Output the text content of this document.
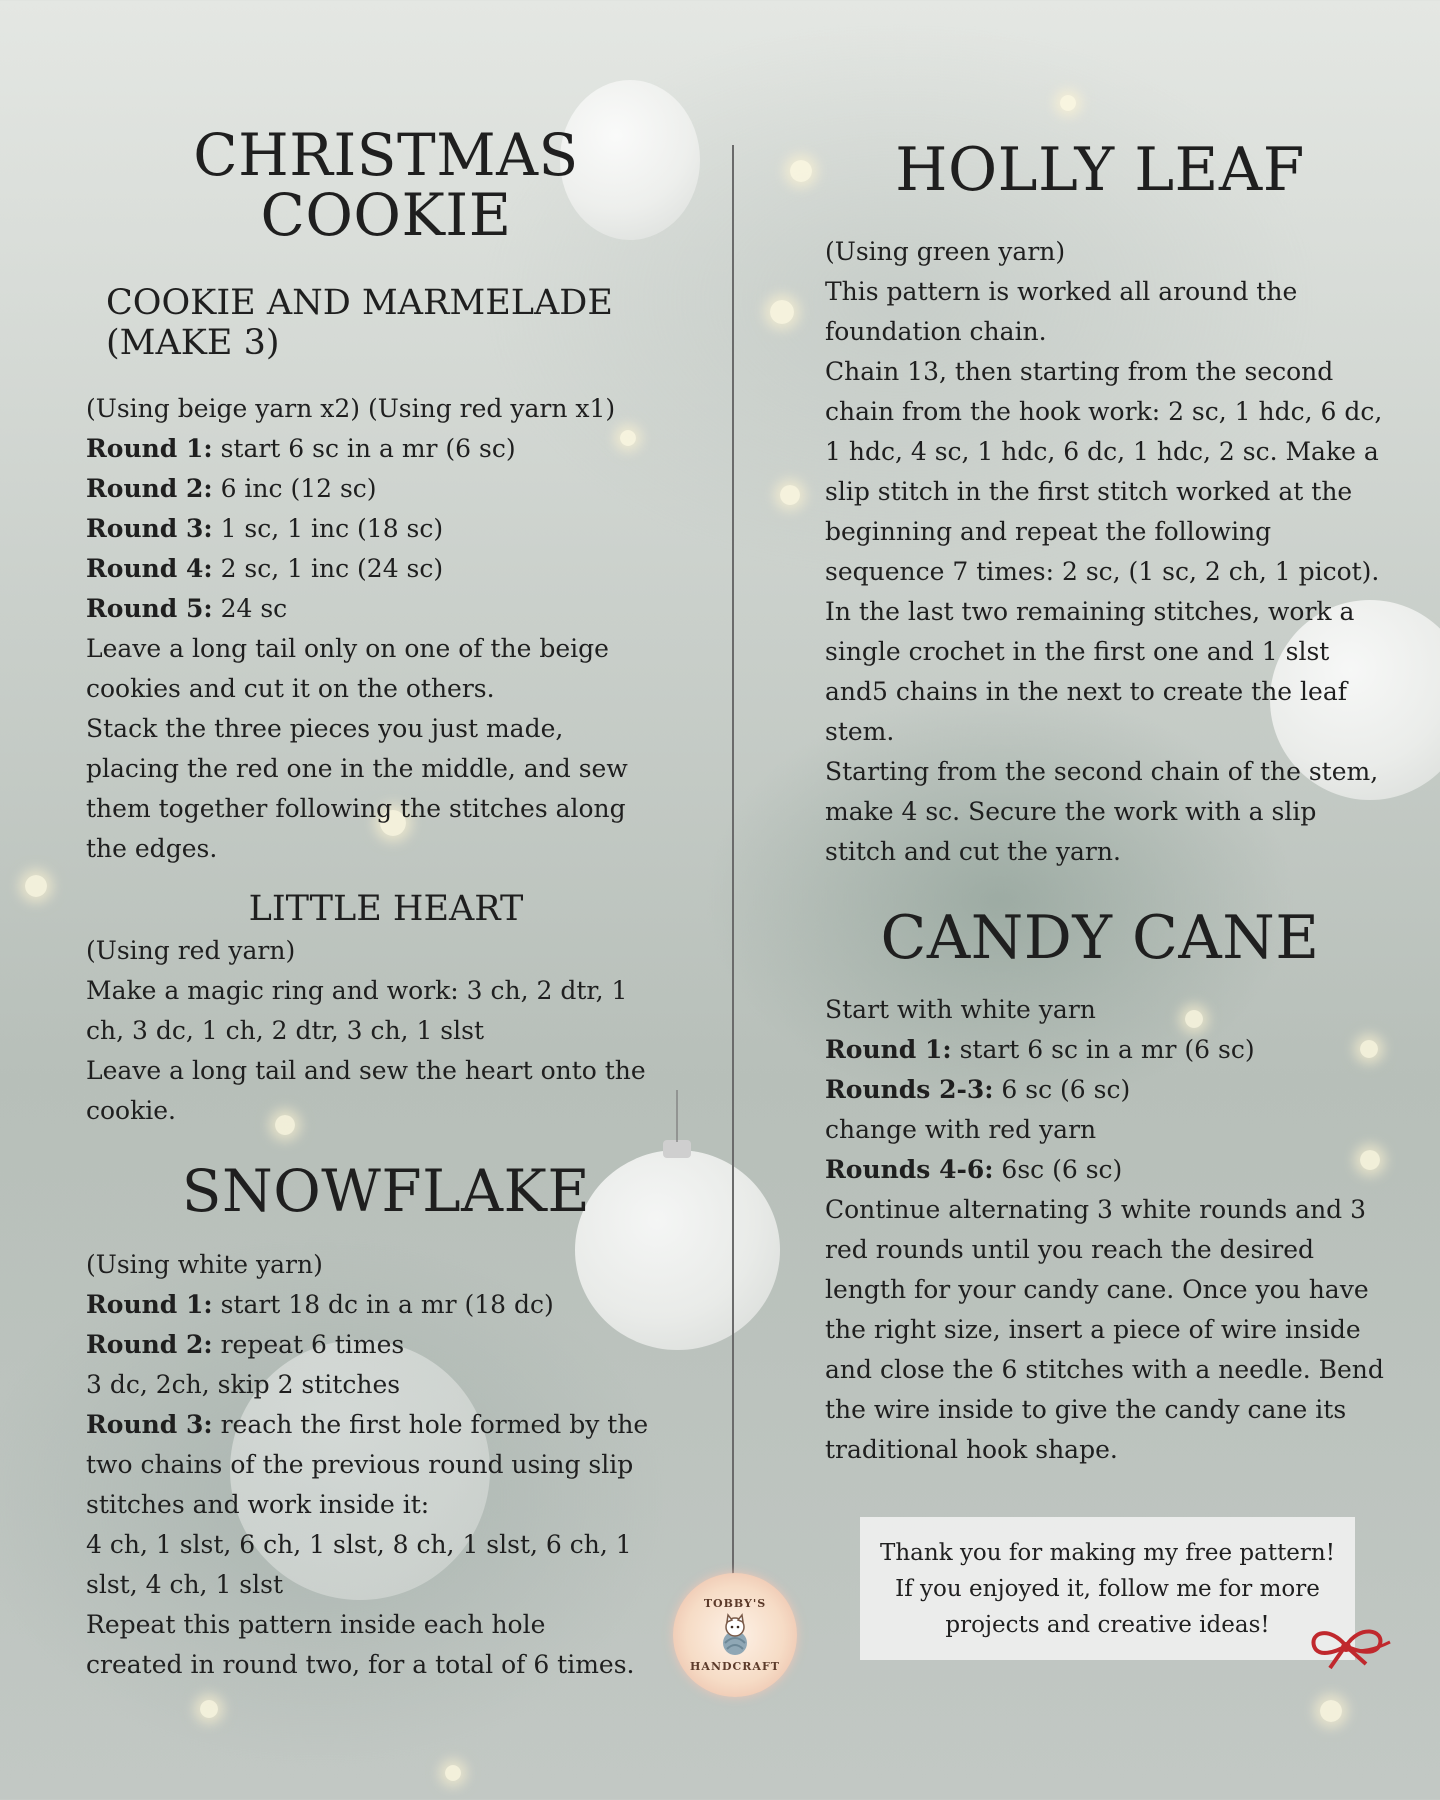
CHRISTMAS
COOKIE
COOKIE AND MARMELADE (MAKE 3)

(Using beige yarn x2) (Using red yarn x1)

Round 1: start 6 sc in a mr (6 sc)

Round 2: 6 inc (12 sc)

Round 3: 1 sc, 1 inc (18 sc)

Round 4: 2 sc, 1 inc (24 sc)

Round 5: 24 sc

Leave a long tail only on one of the beige

cookies and cut it on the others.

Stack the three pieces you just made,

placing the red one in the middle, and sew

them together following the stitches along

the edges.

LITTLE HEART

(Using red yarn)

Make a magic ring and work: 3 ch, 2 dtr, 1

ch, 3 dc, 1 ch, 2 dtr, 3 ch, 1 slst

Leave a long tail and sew the heart onto the

cookie.

SNOWFLAKE

(Using white yarn)

Round 1: start 18 dc in a mr (18 dc)

Round 2: repeat 6 times

3 dc, 2ch, skip 2 stitches

Round 3: reach the first hole formed by the

two chains of the previous round using slip

stitches and work inside it:

4 ch, 1 slst, 6 ch, 1 slst, 8 ch, 1 slst, 6 ch, 1

slst, 4 ch, 1 slst

Repeat this pattern inside each hole

created in round two, for a total of 6 times.

HOLLY LEAF

(Using green yarn)

This pattern is worked all around the

foundation chain.

Chain 13, then starting from the second

chain from the hook work: 2 sc, 1 hdc, 6 dc,

1 hdc, 4 sc, 1 hdc, 6 dc, 1 hdc, 2 sc. Make a

slip stitch in the first stitch worked at the

beginning and repeat the following

sequence 7 times: 2 sc, (1 sc, 2 ch, 1 picot).

In the last two remaining stitches, work a

single crochet in the first one and 1 slst

and5 chains in the next to create the leaf

stem.

Starting from the second chain of the stem,

make 4 sc. Secure the work with a slip

stitch and cut the yarn.

CANDY CANE

Start with white yarn

Round 1: start 6 sc in a mr (6 sc)

Rounds 2-3: 6 sc (6 sc)

change with red yarn

Rounds 4-6: 6sc (6 sc)

Continue alternating 3 white rounds and 3

red rounds until you reach the desired

length for your candy cane. Once you have

the right size, insert a piece of wire inside

and close the 6 stitches with a needle. Bend

the wire inside to give the candy cane its

traditional hook shape.

Thank you for making my free pattern!
If you enjoyed it, follow me for more
projects and creative ideas!
TOBBY'S
HANDCRAFT
